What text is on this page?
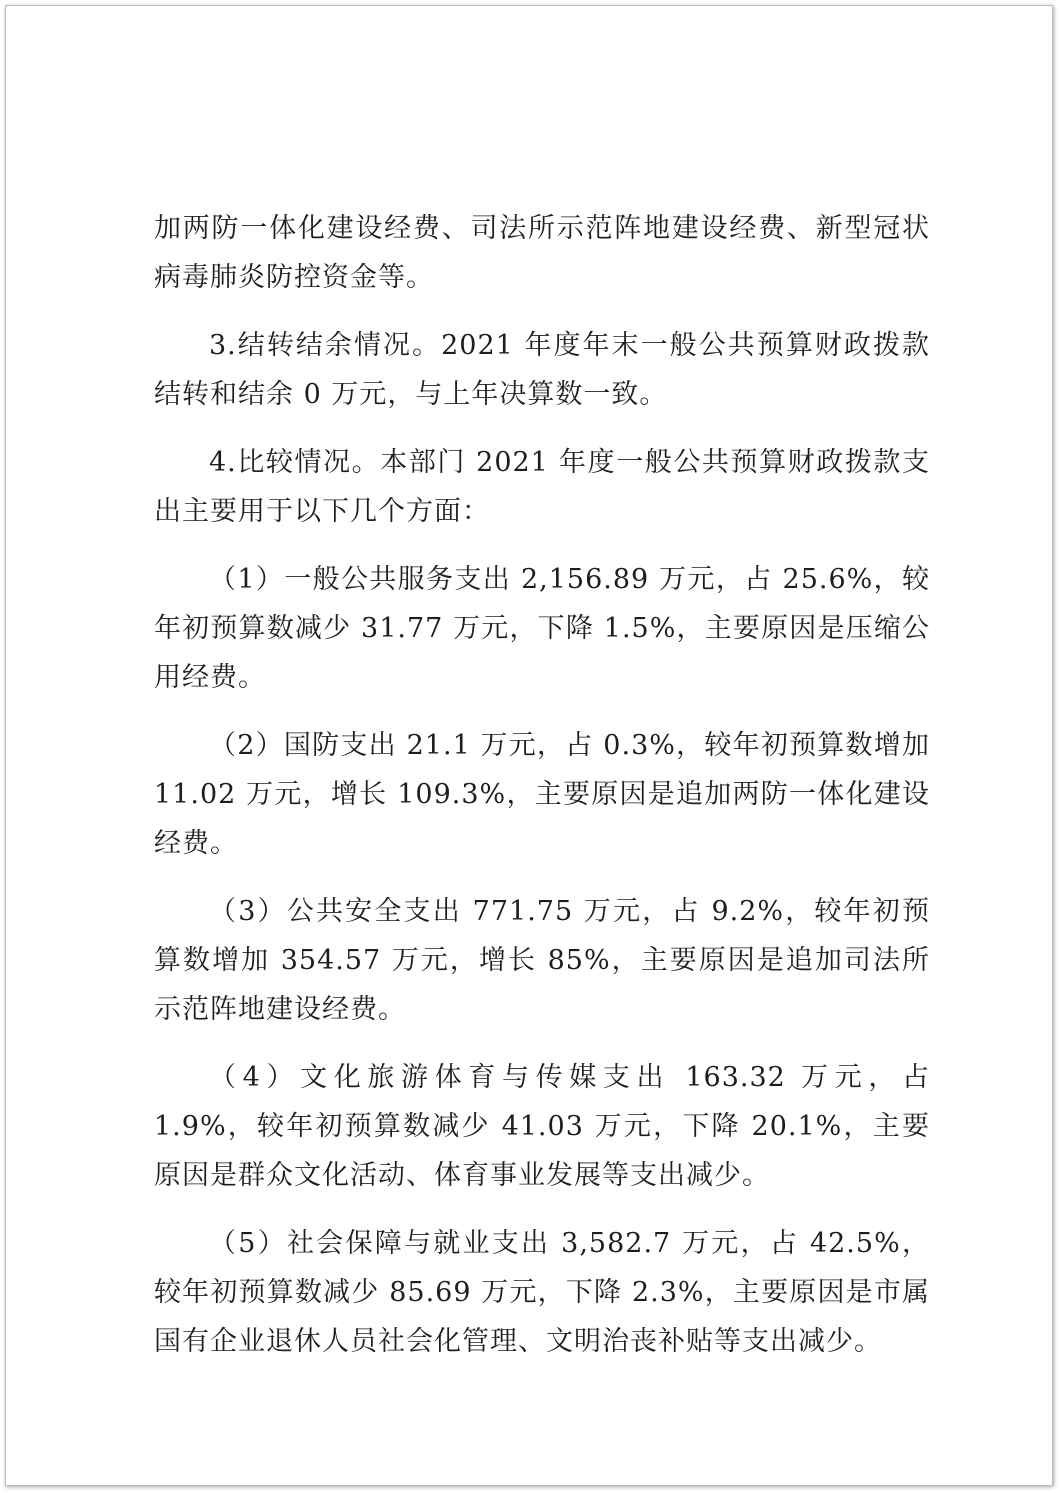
加两防一体化建设经费、司法所示范阵地建设经费、新型冠状病毒肺炎防控资金等。

3.结转结余情况。2021 年度年末一般公共预算财政拨款结转和结余 0 万元，与上年决算数一致。

4.比较情况。本部门 2021 年度一般公共预算财政拨款支出主要用于以下几个方面：

（1）一般公共服务支出 2,156.89 万元，占 25.6%，较年初预算数减少 31.77 万元，下降 1.5%，主要原因是压缩公用经费。

（2）国防支出 21.1 万元，占 0.3%，较年初预算数增加 11.02 万元，增长 109.3%，主要原因是追加两防一体化建设经费。

（3）公共安全支出 771.75 万元，占 9.2%，较年初预算数增加 354.57 万元，增长 85%，主要原因是追加司法所示范阵地建设经费。

（4）文化旅游体育与传媒支出 163.32 万元，占 1.9%，较年初预算数减少 41.03 万元，下降 20.1%，主要原因是群众文化活动、体育事业发展等支出减少。

（5）社会保障与就业支出 3,582.7 万元，占 42.5%，较年初预算数减少 85.69 万元，下降 2.3%，主要原因是市属国有企业退休人员社会化管理、文明治丧补贴等支出减少。
